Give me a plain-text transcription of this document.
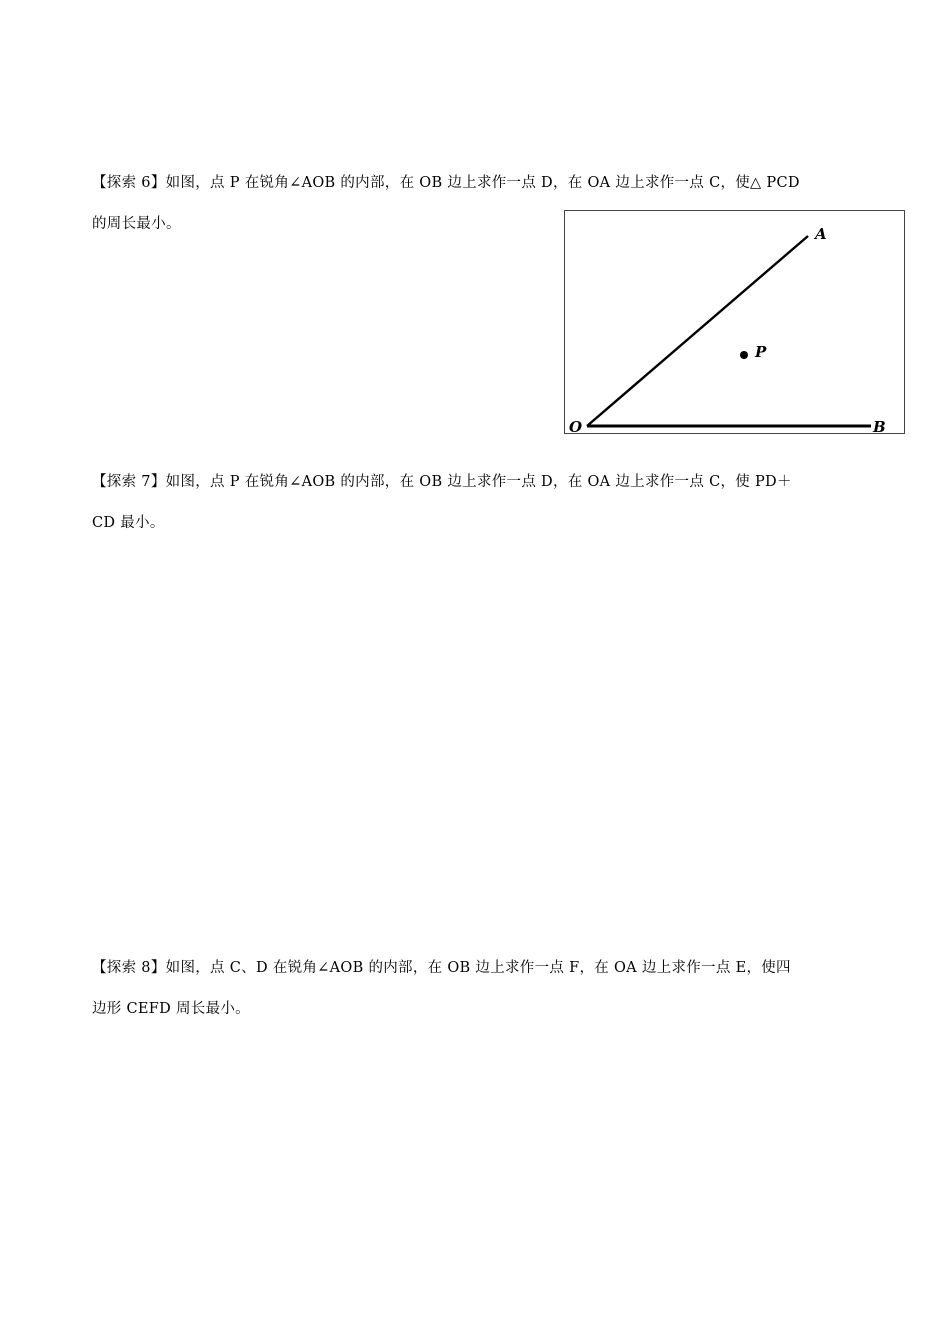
【探索 6】如图，点 P 在锐角∠AOB 的内部，在 OB 边上求作一点 D，在 OA 边上求作一点 C，使△ PCD
的周长最小。
A
P
O	B
【探索 7】如图，点 P 在锐角∠AOB 的内部，在 OB 边上求作一点 D，在 OA 边上求作一点 C，使 PD＋
CD 最小。
【探索 8】如图，点 C、D 在锐角∠AOB 的内部，在 OB 边上求作一点 F，在 OA 边上求作一点 E，使四
边形 CEFD 周长最小。
